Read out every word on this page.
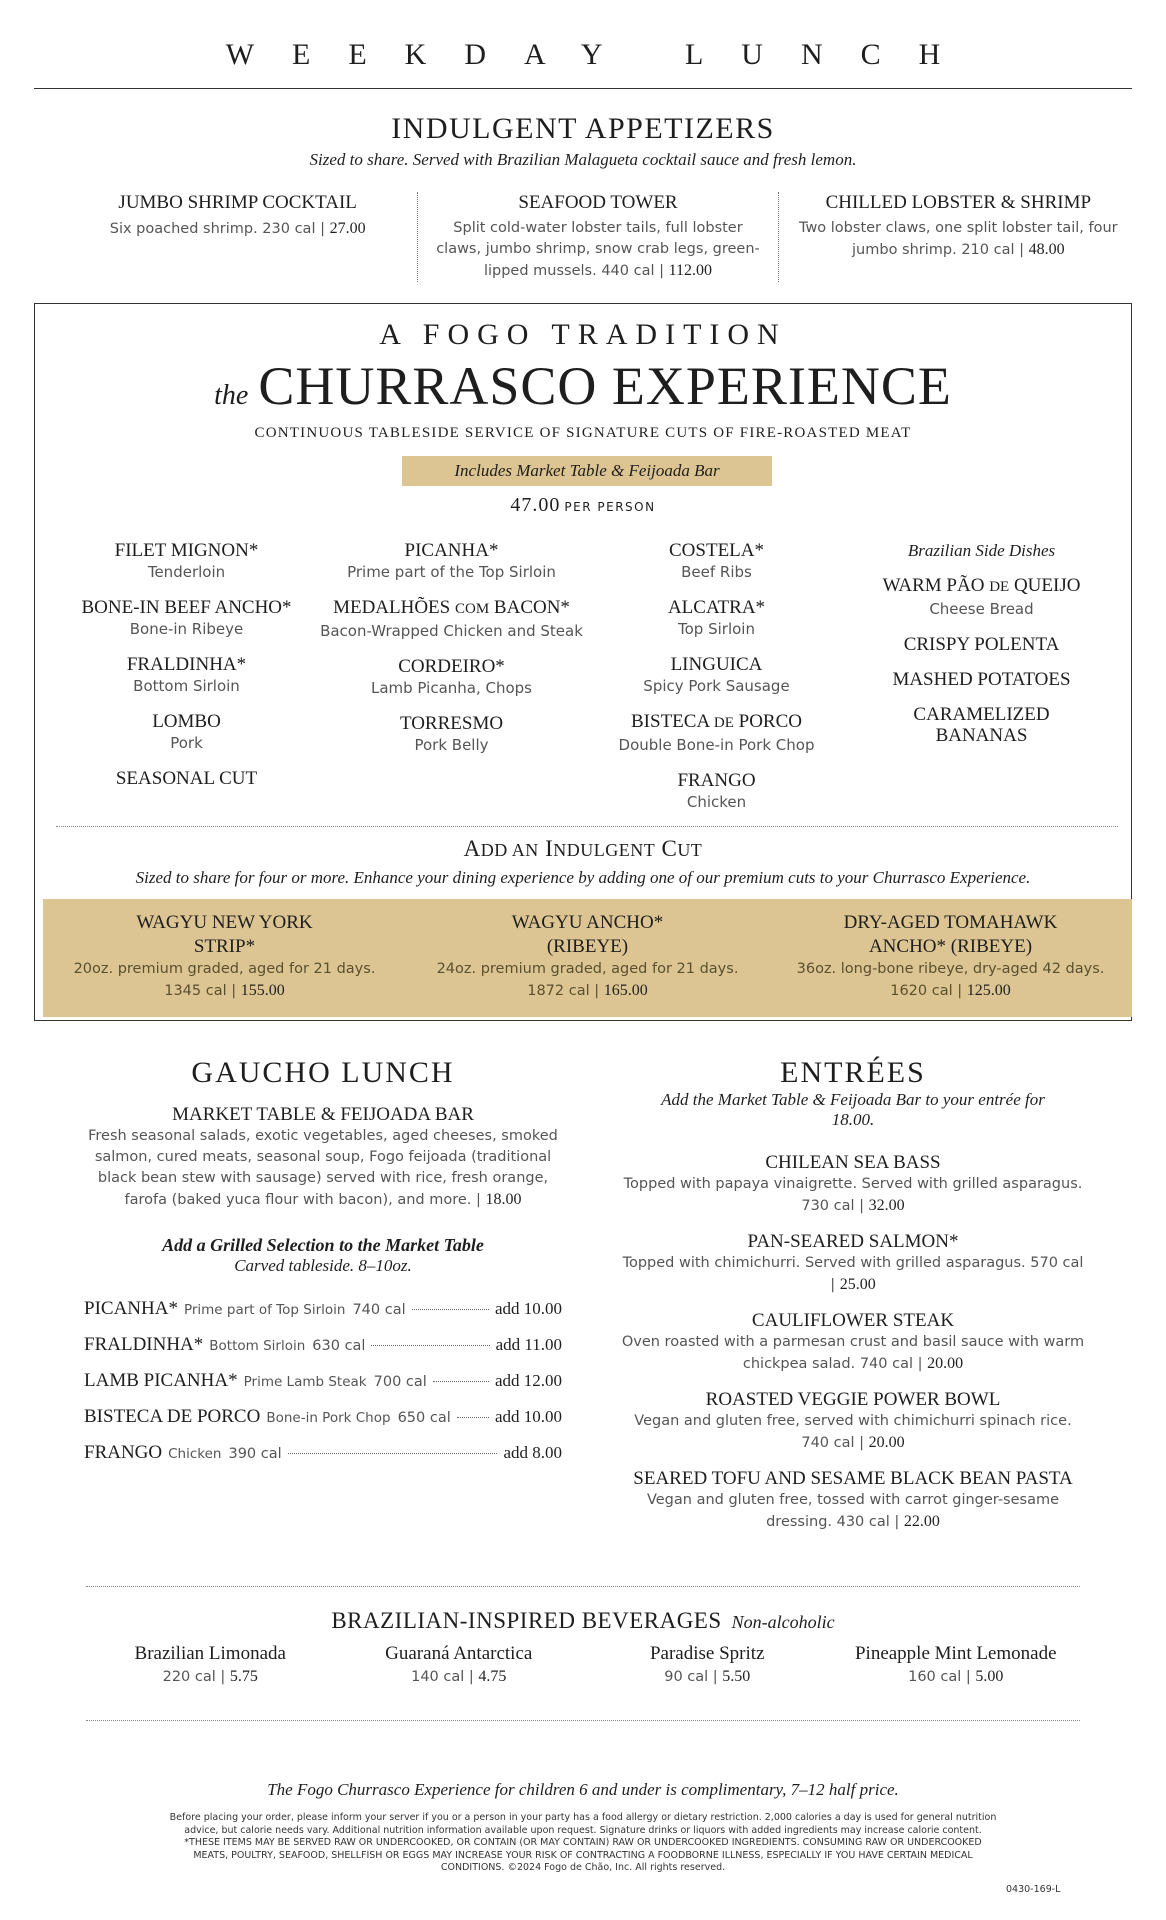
WEEKDAY LUNCH
INDULGENT APPETIZERS
Sized to share. Served with Brazilian Malagueta cocktail sauce and fresh lemon.
JUMBO SHRIMP COCKTAIL
Six poached shrimp. 230 cal | 27.00
SEAFOOD TOWER
Split cold-water lobster tails, full lobster claws, jumbo shrimp, snow crab legs, green-lipped mussels. 440 cal | 112.00
CHILLED LOBSTER & SHRIMP
Two lobster claws, one split lobster tail, four jumbo shrimp. 210 cal | 48.00
A FOGO TRADITION
the CHURRASCO EXPERIENCE
CONTINUOUS TABLESIDE SERVICE OF SIGNATURE CUTS OF FIRE-ROASTED MEAT
Includes Market Table & Feijoada Bar
47.00 PER PERSON
FILET MIGNON*
Tenderloin
BONE-IN BEEF ANCHO*
Bone-in Ribeye
FRALDINHA*
Bottom Sirloin
LOMBO
Pork
SEASONAL CUT
PICANHA*
Prime part of the Top Sirloin
MEDALHÕES COM BACON*
Bacon-Wrapped Chicken and Steak
CORDEIRO*
Lamb Picanha, Chops
TORRESMO
Pork Belly
COSTELA*
Beef Ribs
ALCATRA*
Top Sirloin
LINGUICA
Spicy Pork Sausage
BISTECA DE PORCO
Double Bone-in Pork Chop
FRANGO
Chicken
Brazilian Side Dishes
WARM PÃO DE QUEIJO
Cheese Bread
CRISPY POLENTA
MASHED POTATOES
CARAMELIZED BANANAS
ADD AN INDULGENT CUT
Sized to share for four or more. Enhance your dining experience by adding one of our premium cuts to your Churrasco Experience.
WAGYU NEW YORK STRIP*
20oz. premium graded, aged for 21 days.
1345 cal | 155.00
WAGYU ANCHO* (RIBEYE)
24oz. premium graded, aged for 21 days.
1872 cal | 165.00
DRY-AGED TOMAHAWK ANCHO* (RIBEYE)
36oz. long-bone ribeye, dry-aged 42 days.
1620 cal | 125.00
GAUCHO LUNCH
MARKET TABLE & FEIJOADA BAR
Fresh seasonal salads, exotic vegetables, aged cheeses, smoked salmon, cured meats, seasonal soup, Fogo feijoada (traditional black bean stew with sausage) served with rice, fresh orange, farofa (baked yuca flour with bacon), and more. | 18.00
Add a Grilled Selection to the Market Table
Carved tableside. 8–10oz.
PICANHA* Prime part of Top Sirloin 740 cal	add 10.00
FRALDINHA* Bottom Sirloin 630 cal	add 11.00
LAMB PICANHA* Prime Lamb Steak 700 cal	add 12.00
BISTECA DE PORCO Bone-in Pork Chop 650 cal	add 10.00
FRANGO Chicken 390 cal	add 8.00
ENTRÉES
Add the Market Table & Feijoada Bar to your entrée for 18.00.
CHILEAN SEA BASS
Topped with papaya vinaigrette. Served with grilled asparagus. 730 cal | 32.00
PAN-SEARED SALMON*
Topped with chimichurri. Served with grilled asparagus. 570 cal | 25.00
CAULIFLOWER STEAK
Oven roasted with a parmesan crust and basil sauce with warm chickpea salad. 740 cal | 20.00
ROASTED VEGGIE POWER BOWL
Vegan and gluten free, served with chimichurri spinach rice. 740 cal | 20.00
SEARED TOFU AND SESAME BLACK BEAN PASTA
Vegan and gluten free, tossed with carrot ginger-sesame dressing. 430 cal | 22.00
BRAZILIAN-INSPIRED BEVERAGES Non-alcoholic
Brazilian Limonada
220 cal | 5.75
Guaraná Antarctica
140 cal | 4.75
Paradise Spritz
90 cal | 5.50
Pineapple Mint Lemonade
160 cal | 5.00
The Fogo Churrasco Experience for children 6 and under is complimentary, 7–12 half price.
Before placing your order, please inform your server if you or a person in your party has a food allergy or dietary restriction. 2,000 calories a day is used for general nutrition advice, but calorie needs vary. Additional nutrition information available upon request. Signature drinks or liquors with added ingredients may increase calorie content. *THESE ITEMS MAY BE SERVED RAW OR UNDERCOOKED, OR CONTAIN (OR MAY CONTAIN) RAW OR UNDERCOOKED INGREDIENTS. CONSUMING RAW OR UNDERCOOKED MEATS, POULTRY, SEAFOOD, SHELLFISH OR EGGS MAY INCREASE YOUR RISK OF CONTRACTING A FOODBORNE ILLNESS, ESPECIALLY IF YOU HAVE CERTAIN MEDICAL CONDITIONS. ©2024 Fogo de Chão, Inc. All rights reserved.
0430-169-L
